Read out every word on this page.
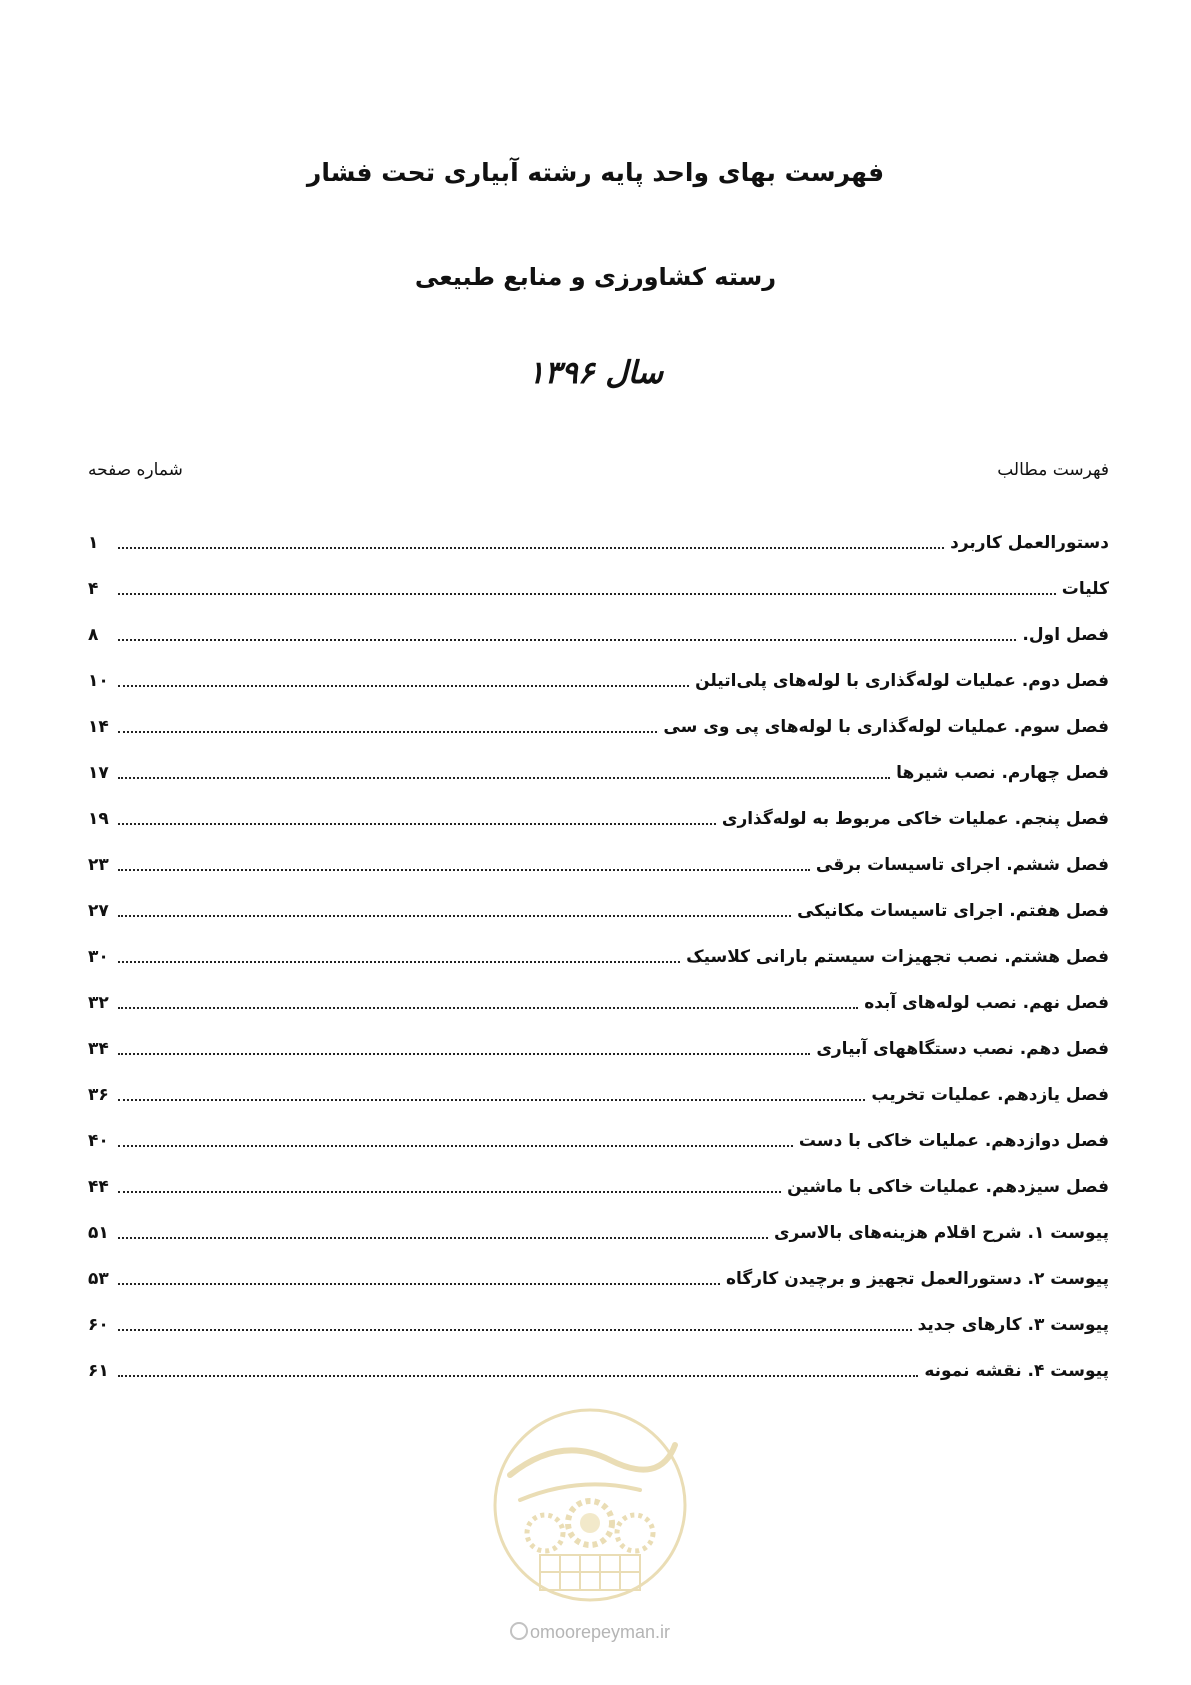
فهرست بهای واحد پایه رشته آبیاری تحت فشار
رسته کشاورزی و منابع طبیعی
سال ۱۳۹۶
فهرست مطالب
شماره صفحه
دستورالعمل کاربرد
۱
کلیات
۴
فصل اول.
۸
فصل دوم. عملیات لوله‌گذاری با لوله‌های پلی‌اتیلن
۱۰
فصل سوم. عملیات لوله‌گذاری با لوله‌های پی وی سی
۱۴
فصل چهارم. نصب شیرها
۱۷
فصل پنجم. عملیات خاکی مربوط به لوله‌گذاری
۱۹
فصل ششم. اجرای تاسیسات برقی
۲۳
فصل هفتم. اجرای تاسیسات مکانیکی
۲۷
فصل هشتم. نصب تجهیزات سیستم بارانی کلاسیک
۳۰
فصل نهم. نصب لوله‌های آبده
۳۲
فصل دهم. نصب دستگاههای آبیاری
۳۴
فصل یازدهم. عملیات تخریب
۳۶
فصل دوازدهم. عملیات خاکی با دست
۴۰
فصل سیزدهم. عملیات خاکی با ماشین
۴۴
پیوست ۱. شرح اقلام هزینه‌های بالاسری
۵۱
پیوست ۲. دستورالعمل تجهیز و برچیدن کارگاه
۵۳
پیوست ۳. کارهای جدید
۶۰
پیوست ۴. نقشه نمونه
۶۱
omoorepeyman.ir
